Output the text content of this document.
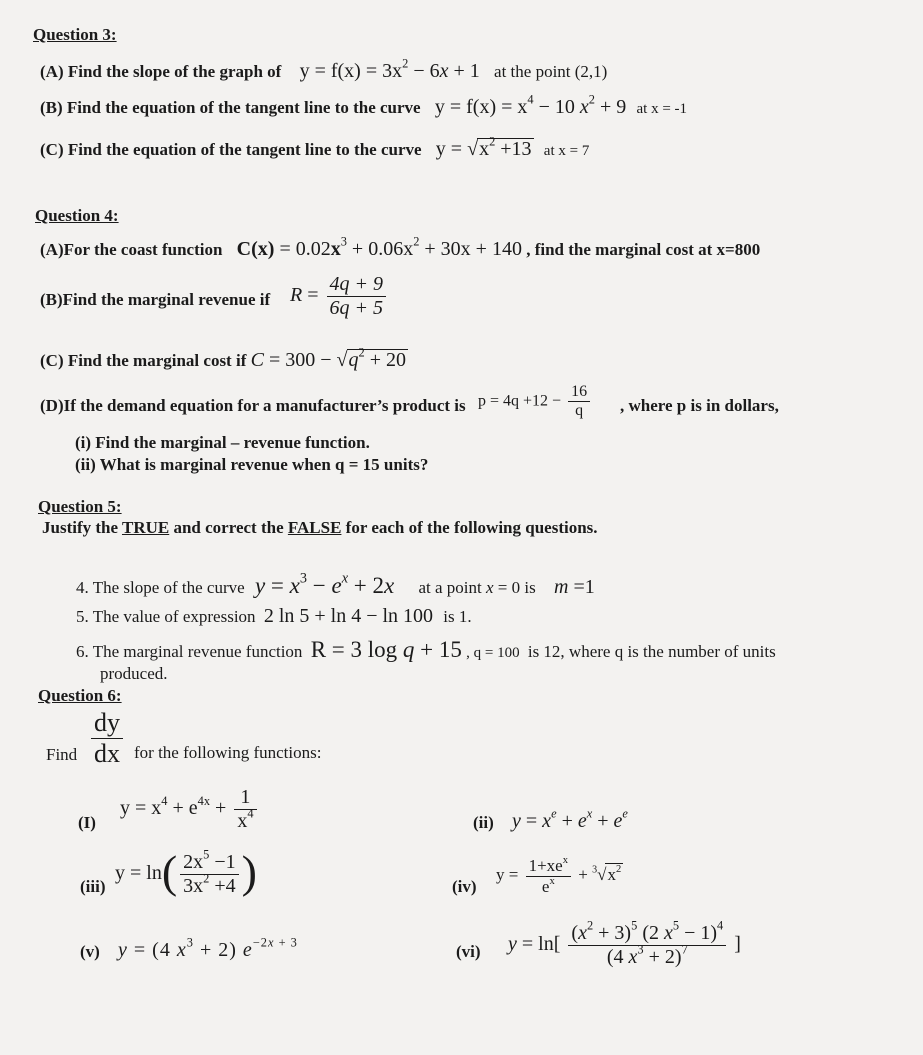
Question 3:
(A) Find the slope of the graph of $y = f(x) = 3x^2 - 6x + 1$ at the point (2,1)
(B) Find the equation of the tangent line to the curve $y = f(x) = x^4 - 10$ $x^2 + 9$ at x = -1
(C) Find the equation of the tangent line to the curve $y = √x^2 +13$ at x = 7
Question 4:
(A)For the coast function $C(x) = 0.02x^3 + 0.06x^2 + 30x + 140$ , find the marginal cost at x=800
(B)Find the marginal revenue if $R = \frac{4q + 9}{6q + 5}$
(C) Find the marginal cost if $C = 300 - √q^2 + 20$
(D)If the demand equation for a manufacturer’s product is $p = 4q +12 - \frac{16}{q}$ , where p is in dollars,
(i) Find the marginal – revenue function.
(ii) What is marginal revenue when q = 15 units?
Question 5:
Justify the TRUE and correct the FALSE for each of the following questions.
4. The slope of the curve $y = x^3 - e^x + 2x$ at a point x = 0 is m =1
5. The value of expression 2 ln 5 + ln 4 − ln 100 is 1.
6. The marginal revenue function R = 3 log q + 15 , q = 100 is 12, where q is the number of units
produced.
Question 6:
Find $\frac{dy}{dx}$ for the following functions:
(I)
$y = x^4 + e^{4x} + \frac{1}{x^4}$	(ii) $y = x^e + e^x + e^e$
(iii)
$y = \ln( \frac{2x^5 -1}{3x^2 +4}$ )	(iv)
$y = \frac{1+xe^x}{e^x} + ^3√x^2$
(v) y = (4 $x^3 + 2$) $e^{-2x + 3}$	(vi) $y = \ln[ \frac{(x^2 + 3)^5 (2 x^5 - 1)^4}{(4 x^3 + 2)^7}$ ]
